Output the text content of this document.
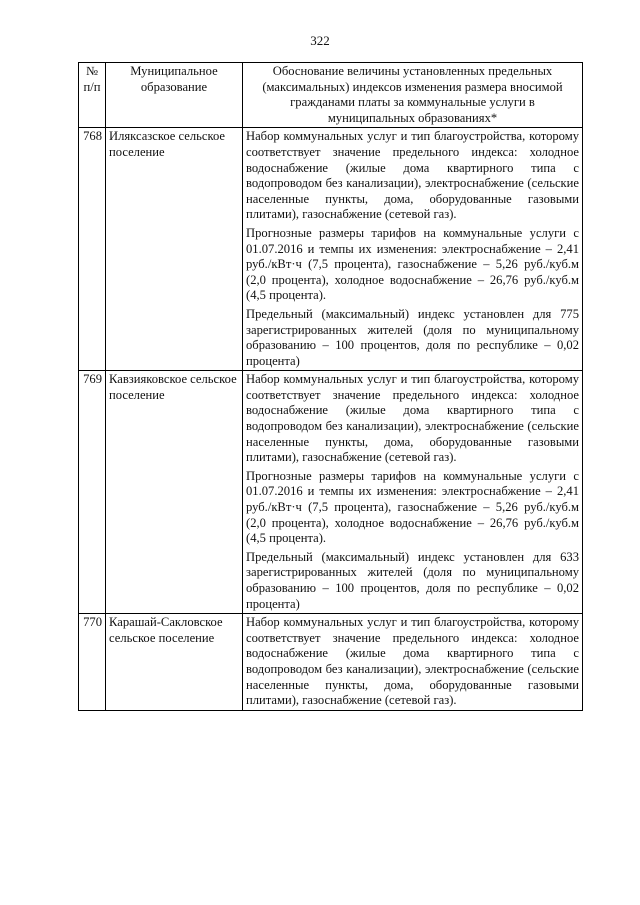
322
№ п/п	Муниципальное образование	Обоснование величины установленных предельных (максимальных) индексов изменения размера вносимой гражданами платы за коммунальные услуги в муниципальных образованиях*
768	Иляксазское сельское поселение	Набор коммунальных услуг и тип благоустройства, которому соответствует значение предельного индекса: холодное водоснабжение (жилые дома квартирного типа с водопроводом без канализации), электроснабжение (сельские населенные пункты, дома, оборудованные газовыми плитами), газоснабжение (сетевой газ).

Прогнозные размеры тарифов на коммунальные услуги с 01.07.2016 и темпы их изменения: электроснабжение – 2,41 руб./кВт·ч (7,5 процента), газоснабжение – 5,26 руб./куб.м (2,0 процента), холодное водоснабжение – 26,76 руб./куб.м (4,5 процента).

Предельный (максимальный) индекс установлен для 775 зарегистрированных жителей (доля по муниципальному образованию – 100 процентов, доля по республике – 0,02 процента)

769	Кавзияковское сельское поселение	Набор коммунальных услуг и тип благоустройства, которому соответствует значение предельного индекса: холодное водоснабжение (жилые дома квартирного типа с водопроводом без канализации), электроснабжение (сельские населенные пункты, дома, оборудованные газовыми плитами), газоснабжение (сетевой газ).

Прогнозные размеры тарифов на коммунальные услуги с 01.07.2016 и темпы их изменения: электроснабжение – 2,41 руб./кВт·ч (7,5 процента), газоснабжение – 5,26 руб./куб.м (2,0 процента), холодное водоснабжение – 26,76 руб./куб.м (4,5 процента).

Предельный (максимальный) индекс установлен для 633 зарегистрированных жителей (доля по муниципальному образованию – 100 процентов, доля по республике – 0,02 процента)

770	Карашай-Сакловское сельское поселение	Набор коммунальных услуг и тип благоустройства, которому соответствует значение предельного индекса: холодное водоснабжение (жилые дома квартирного типа с водопроводом без канализации), электроснабжение (сельские населенные пункты, дома, оборудованные газовыми плитами), газоснабжение (сетевой газ).
